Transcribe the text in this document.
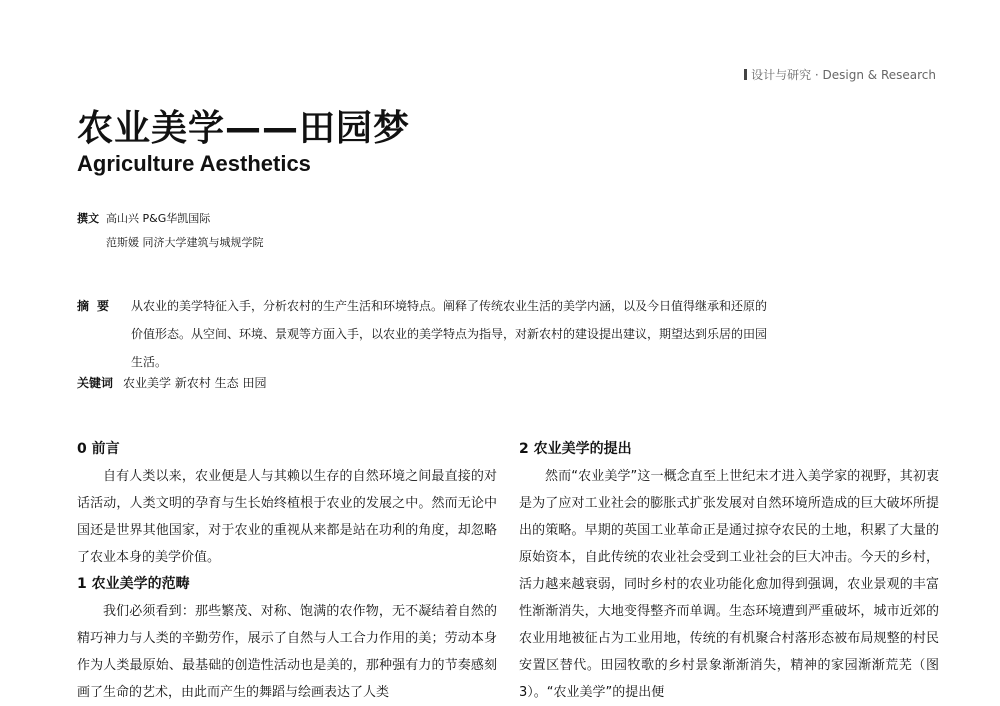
设计与研究 · Design & Research
农业美学——田园梦
Agriculture Aesthetics
撰文 高山兴 P&G华凯国际
范斯媛 同济大学建筑与城规学院
摘要 从农业的美学特征入手，分析农村的生产生活和环境特点。阐释了传统农业生活的美学内涵，以及今日值得继承和还原的价值形态。从空间、环境、景观等方面入手，以农业的美学特点为指导，对新农村的建设提出建议，期望达到乐居的田园生活。
关键词 农业美学 新农村 生态 田园
0 前言

自有人类以来，农业便是人与其赖以生存的自然环境之间最直接的对话活动，人类文明的孕育与生长始终植根于农业的发展之中。然而无论中国还是世界其他国家，对于农业的重视从来都是站在功利的角度，却忽略了农业本身的美学价值。

1 农业美学的范畴

我们必须看到：那些繁茂、对称、饱满的农作物，无不凝结着自然的精巧神力与人类的辛勤劳作，展示了自然与人工合力作用的美；劳动本身作为人类最原始、最基础的创造性活动也是美的，那种强有力的节奏感刻画了生命的艺术，由此而产生的舞蹈与绘画表达了人类

2 农业美学的提出

然而“农业美学”这一概念直至上世纪末才进入美学家的视野，其初衷是为了应对工业社会的膨胀式扩张发展对自然环境所造成的巨大破坏所提出的策略。早期的英国工业革命正是通过掠夺农民的土地，积累了大量的原始资本，自此传统的农业社会受到工业社会的巨大冲击。今天的乡村，活力越来越衰弱，同时乡村的农业功能化愈加得到强调，农业景观的丰富性渐渐消失，大地变得整齐而单调。生态环境遭到严重破坏，城市近郊的农业用地被征占为工业用地，传统的有机聚合村落形态被布局规整的村民安置区替代。田园牧歌的乡村景象渐渐消失，精神的家园渐渐荒芜（图3）。“农业美学”的提出便
